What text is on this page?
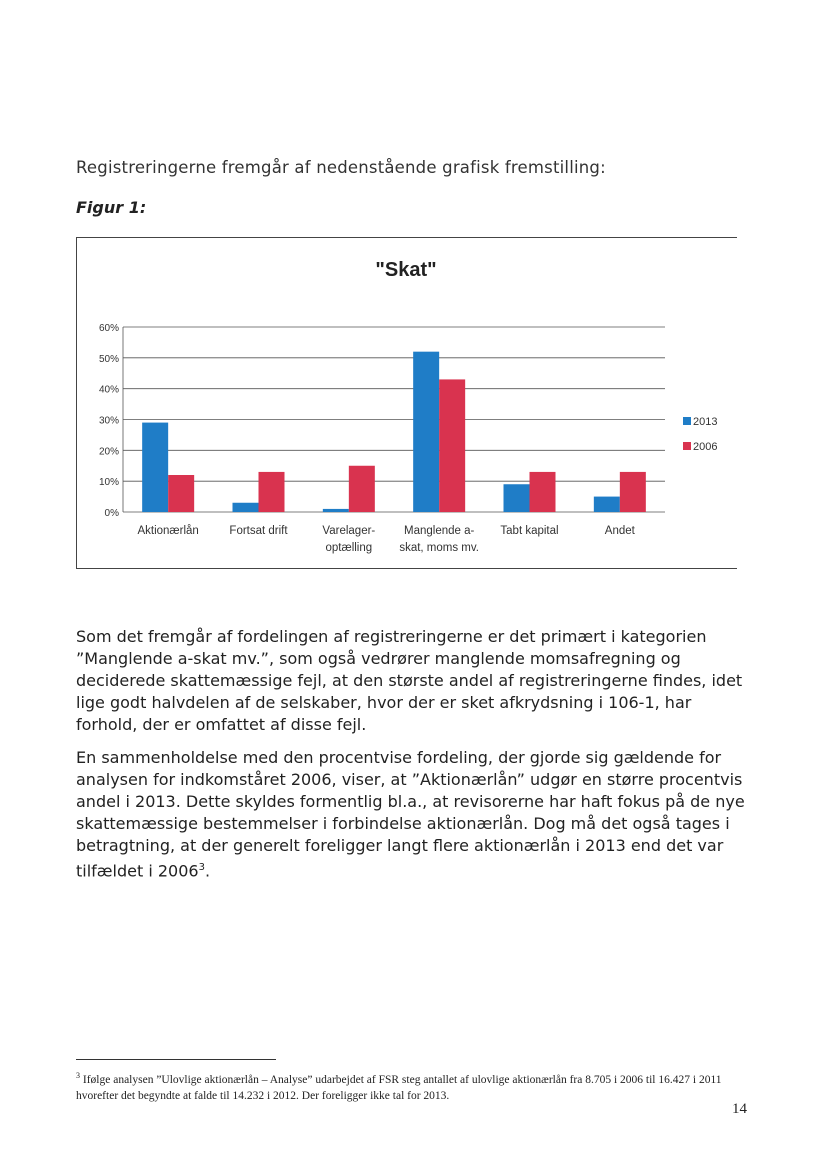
Registreringerne fremgår af nedenstående grafisk fremstilling:
Figur 1:
"Skat"
0%
10%
20%
30%
40%
50%
60%
Aktionærlån	Fortsat drift	Varelager-
optælling
Manglende a-
skat, moms mv.
Tabt kapital	Andet
2013
2006
Som det fremgår af fordelingen af registreringerne er det primært i kategorien ”Manglende a-skat mv.”, som også vedrører manglende momsafregning og deciderede skattemæssige fejl, at den største andel af registreringerne findes, idet lige godt halvdelen af de selskaber, hvor der er sket afkrydsning i 106-1, har forhold, der er omfattet af disse fejl.
En sammenholdelse med den procentvise fordeling, der gjorde sig gældende for analysen for indkomståret 2006, viser, at ”Aktionærlån” udgør en større procentvis andel i 2013. Dette skyldes formentlig bl.a., at revisorerne har haft fokus på de nye skattemæssige bestemmelser i forbindelse aktionærlån. Dog må det også tages i betragtning, at der generelt foreligger langt flere aktionærlån i 2013 end det var tilfældet i 2006$^3$.
$^3$ Ifølge analysen ”Ulovlige aktionærlån – Analyse” udarbejdet af FSR steg antallet af ulovlige aktionærlån fra 8.705 i 2006 til 16.427 i 2011 hvorefter det begyndte at falde til 14.232 i 2012. Der foreligger ikke tal for 2013.
14
